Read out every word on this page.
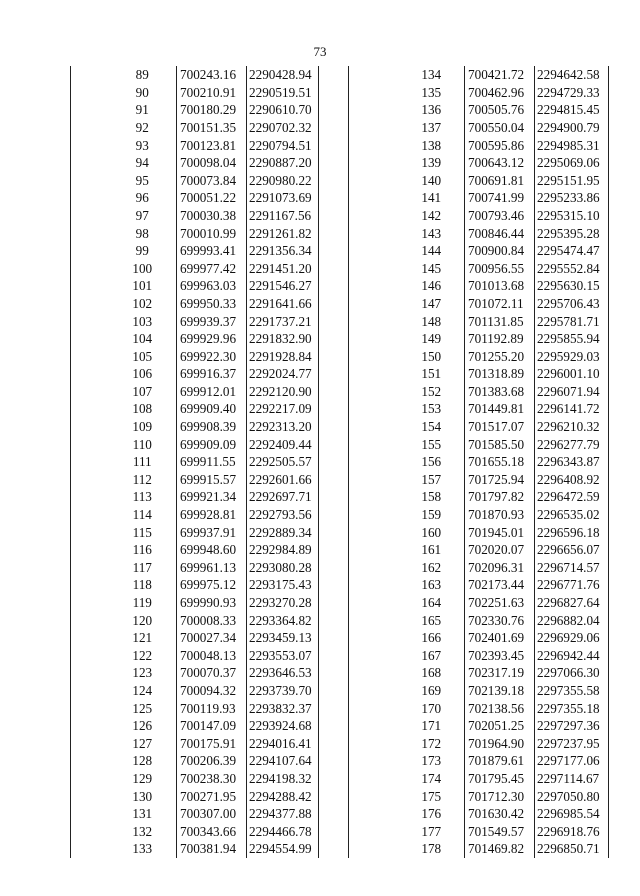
73
	89	700243.16	2290428.94
	90	700210.91	2290519.51
	91	700180.29	2290610.70
	92	700151.35	2290702.32
	93	700123.81	2290794.51
	94	700098.04	2290887.20
	95	700073.84	2290980.22
	96	700051.22	2291073.69
	97	700030.38	2291167.56
	98	700010.99	2291261.82
	99	699993.41	2291356.34
	100	699977.42	2291451.20
	101	699963.03	2291546.27
	102	699950.33	2291641.66
	103	699939.37	2291737.21
	104	699929.96	2291832.90
	105	699922.30	2291928.84
	106	699916.37	2292024.77
	107	699912.01	2292120.90
	108	699909.40	2292217.09
	109	699908.39	2292313.20
	110	699909.09	2292409.44
	111	699911.55	2292505.57
	112	699915.57	2292601.66
	113	699921.34	2292697.71
	114	699928.81	2292793.56
	115	699937.91	2292889.34
	116	699948.60	2292984.89
	117	699961.13	2293080.28
	118	699975.12	2293175.43
	119	699990.93	2293270.28
	120	700008.33	2293364.82
	121	700027.34	2293459.13
	122	700048.13	2293553.07
	123	700070.37	2293646.53
	124	700094.32	2293739.70
	125	700119.93	2293832.37
	126	700147.09	2293924.68
	127	700175.91	2294016.41
	128	700206.39	2294107.64
	129	700238.30	2294198.32
	130	700271.95	2294288.42
	131	700307.00	2294377.88
	132	700343.66	2294466.78
	133	700381.94	2294554.99
	134	700421.72	2294642.58
	135	700462.96	2294729.33
	136	700505.76	2294815.45
	137	700550.04	2294900.79
	138	700595.86	2294985.31
	139	700643.12	2295069.06
	140	700691.81	2295151.95
	141	700741.99	2295233.86
	142	700793.46	2295315.10
	143	700846.44	2295395.28
	144	700900.84	2295474.47
	145	700956.55	2295552.84
	146	701013.68	2295630.15
	147	701072.11	2295706.43
	148	701131.85	2295781.71
	149	701192.89	2295855.94
	150	701255.20	2295929.03
	151	701318.89	2296001.10
	152	701383.68	2296071.94
	153	701449.81	2296141.72
	154	701517.07	2296210.32
	155	701585.50	2296277.79
	156	701655.18	2296343.87
	157	701725.94	2296408.92
	158	701797.82	2296472.59
	159	701870.93	2296535.02
	160	701945.01	2296596.18
	161	702020.07	2296656.07
	162	702096.31	2296714.57
	163	702173.44	2296771.76
	164	702251.63	2296827.64
	165	702330.76	2296882.04
	166	702401.69	2296929.06
	167	702393.45	2296942.44
	168	702317.19	2297066.30
	169	702139.18	2297355.58
	170	702138.56	2297355.18
	171	702051.25	2297297.36
	172	701964.90	2297237.95
	173	701879.61	2297177.06
	174	701795.45	2297114.67
	175	701712.30	2297050.80
	176	701630.42	2296985.54
	177	701549.57	2296918.76
	178	701469.82	2296850.71
